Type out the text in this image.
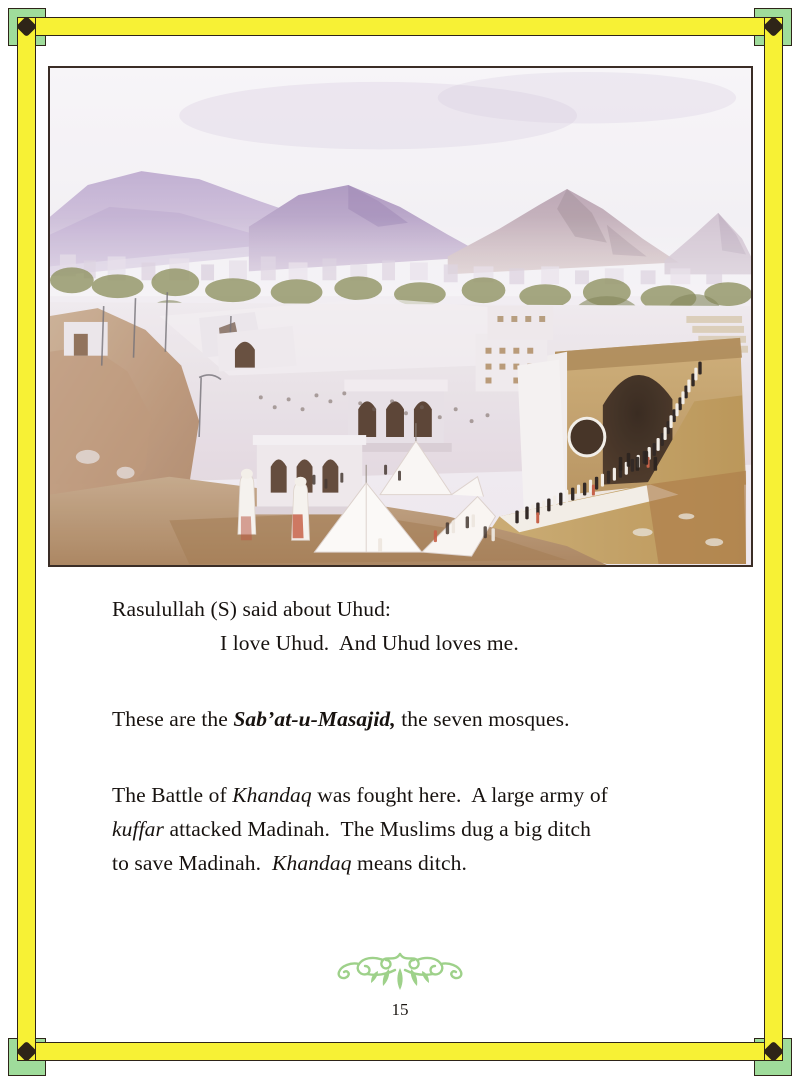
Rasulullah (S) said about Uhud:
I love Uhud.  And Uhud loves me.
These are the Sabʼat-u-Masajid, the seven mosques.
The Battle of Khandaq was fought here.  A large army of
kuffar attacked Madinah.  The Muslims dug a big ditch
to save Madinah.  Khandaq means ditch.
15
